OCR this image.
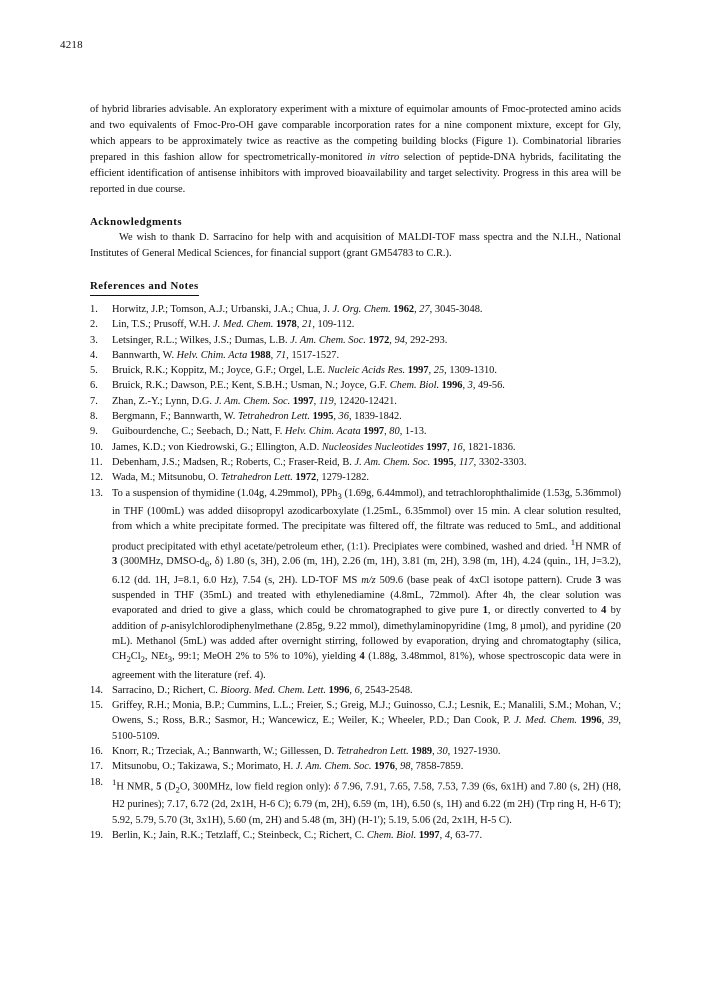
4218

of hybrid libraries advisable. An exploratory experiment with a mixture of equimolar amounts of Fmoc-protected amino acids and two equivalents of Fmoc-Pro-OH gave comparable incorporation rates for a nine component mixture, except for Gly, which appears to be approximately twice as reactive as the competing building blocks (Figure 1). Combinatorial libraries prepared in this fashion allow for spectrometrically-monitored in vitro selection of peptide-DNA hybrids, facilitating the efficient identification of antisense inhibitors with improved bioavailability and target selectivity. Progress in this area will be reported in due course.

Acknowledgments

We wish to thank D. Sarracino for help with and acquisition of MALDI-TOF mass spectra and the N.I.H., National Institutes of General Medical Sciences, for financial support (grant GM54783 to C.R.).

References and Notes
1.	Horwitz, J.P.; Tomson, A.J.; Urbanski, J.A.; Chua, J. J. Org. Chem. 1962, 27, 3045-3048.
2.	Lin, T.S.; Prusoff, W.H. J. Med. Chem. 1978, 21, 109-112.
3.	Letsinger, R.L.; Wilkes, J.S.; Dumas, L.B. J. Am. Chem. Soc. 1972, 94, 292-293.
4.	Bannwarth, W. Helv. Chim. Acta 1988, 71, 1517-1527.
5.	Bruick, R.K.; Koppitz, M.; Joyce, G.F.; Orgel, L.E. Nucleic Acids Res. 1997, 25, 1309-1310.
6.	Bruick, R.K.; Dawson, P.E.; Kent, S.B.H.; Usman, N.; Joyce, G.F. Chem. Biol. 1996, 3, 49-56.
7.	Zhan, Z.-Y.; Lynn, D.G. J. Am. Chem. Soc. 1997, 119, 12420-12421.
8.	Bergmann, F.; Bannwarth, W. Tetrahedron Lett. 1995, 36, 1839-1842.
9.	Guibourdenche, C.; Seebach, D.; Natt, F. Helv. Chim. Acata 1997, 80, 1-13.
10. James, K.D.; von Kiedrowski, G.; Ellington, A.D. Nucleosides Nucleotides 1997, 16, 1821-1836.
11. Debenham, J.S.; Madsen, R.; Roberts, C.; Fraser-Reid, B. J. Am. Chem. Soc. 1995, 117, 3302-3303.
12. Wada, M.; Mitsunobu, O. Tetrahedron Lett. 1972, 1279-1282.
13. To a suspension of thymidine (1.04g, 4.29mmol), PPh$_3$ (1.69g, 6.44mmol), and tetrachlorophthalimide (1.53g, 5.36mmol) in THF (100mL) was added diisopropyl azodicarboxylate (1.25mL, 6.35mmol) over 15 min. A clear solution resulted, from which a white precipitate formed. The precipitate was filtered off, the filtrate was reduced to 5mL, and additional product precipitated with ethyl acetate/petroleum ether, (1:1). Precipiates were combined, washed and dried. $^1$H NMR of 3 (300MHz, DMSO-$d_6$, δ) 1.80 (s, 3H), 2.06 (m, 1H), 2.26 (m, 1H), 3.81 (m, 2H), 3.98 (m, 1H), 4.24 (quin., 1H, J=3.2), 6.12 (dd. 1H, J=8.1, 6.0 Hz), 7.54 (s, 2H). LD-TOF MS m/z 509.6 (base peak of 4xCl isotope pattern). Crude 3 was suspended in THF (35mL) and treated with ethylenediamine (4.8mL, 72mmol). After 4h, the clear solution was evaporated and dried to give a glass, which could be chromatographed to give pure 1, or directly converted to 4 by addition of p-anisylchlorodiphenylmethane (2.85g, 9.22 mmol), dimethylaminopyridine (1mg, 8 µmol), and pyridine (20 mL). Methanol (5mL) was added after overnight stirring, followed by evaporation, drying and chromatogtaphy (silica, $CH_2Cl_2$, NEt$_3$, 99:1; MeOH 2% to 5% to 10%), yielding 4 (1.88g, 3.48mmol, 81%), whose spectroscopic data were in agreement with the literature (ref. 4).
14. Sarracino, D.; Richert, C. Bioorg. Med. Chem. Lett. 1996, 6, 2543-2548.
15. Griffey, R.H.; Monia, B.P.; Cummins, L.L.; Freier, S.; Greig, M.J.; Guinosso, C.J.; Lesnik, E.; Manalili, S.M.; Mohan, V.; Owens, S.; Ross, B.R.; Sasmor, H.; Wancewicz, E.; Weiler, K.; Wheeler, P.D.; Dan Cook, P. J. Med. Chem. 1996, 39, 5100-5109.
16. Knorr, R.; Trzeciak, A.; Bannwarth, W.; Gillessen, D. Tetrahedron Lett. 1989, 30, 1927-1930.
17. Mitsunobu, O.; Takizawa, S.; Morimato, H. J. Am. Chem. Soc. 1976, 98, 7858-7859.
18.	$^1$H NMR, 5 ($D_2O$, 300MHz, low field region only): δ 7.96, 7.91, 7.65, 7.58, 7.53, 7.39 (6s, 6x1H) and 7.80 (s, 2H) (H8, H2 purines); 7.17, 6.72 (2d, 2x1H, H-6 C); 6.79 (m, 2H), 6.59 (m, 1H), 6.50 (s, 1H) and 6.22 (m 2H) (Trp ring H, H-6 T); 5.92, 5.79, 5.70 (3t, 3x1H), 5.60 (m, 2H) and 5.48 (m, 3H) (H-1'); 5.19, 5.06 (2d, 2x1H, H-5 C).
19. Berlin, K.; Jain, R.K.; Tetzlaff, C.; Steinbeck, C.; Richert, C. Chem. Biol. 1997, 4, 63-77.
